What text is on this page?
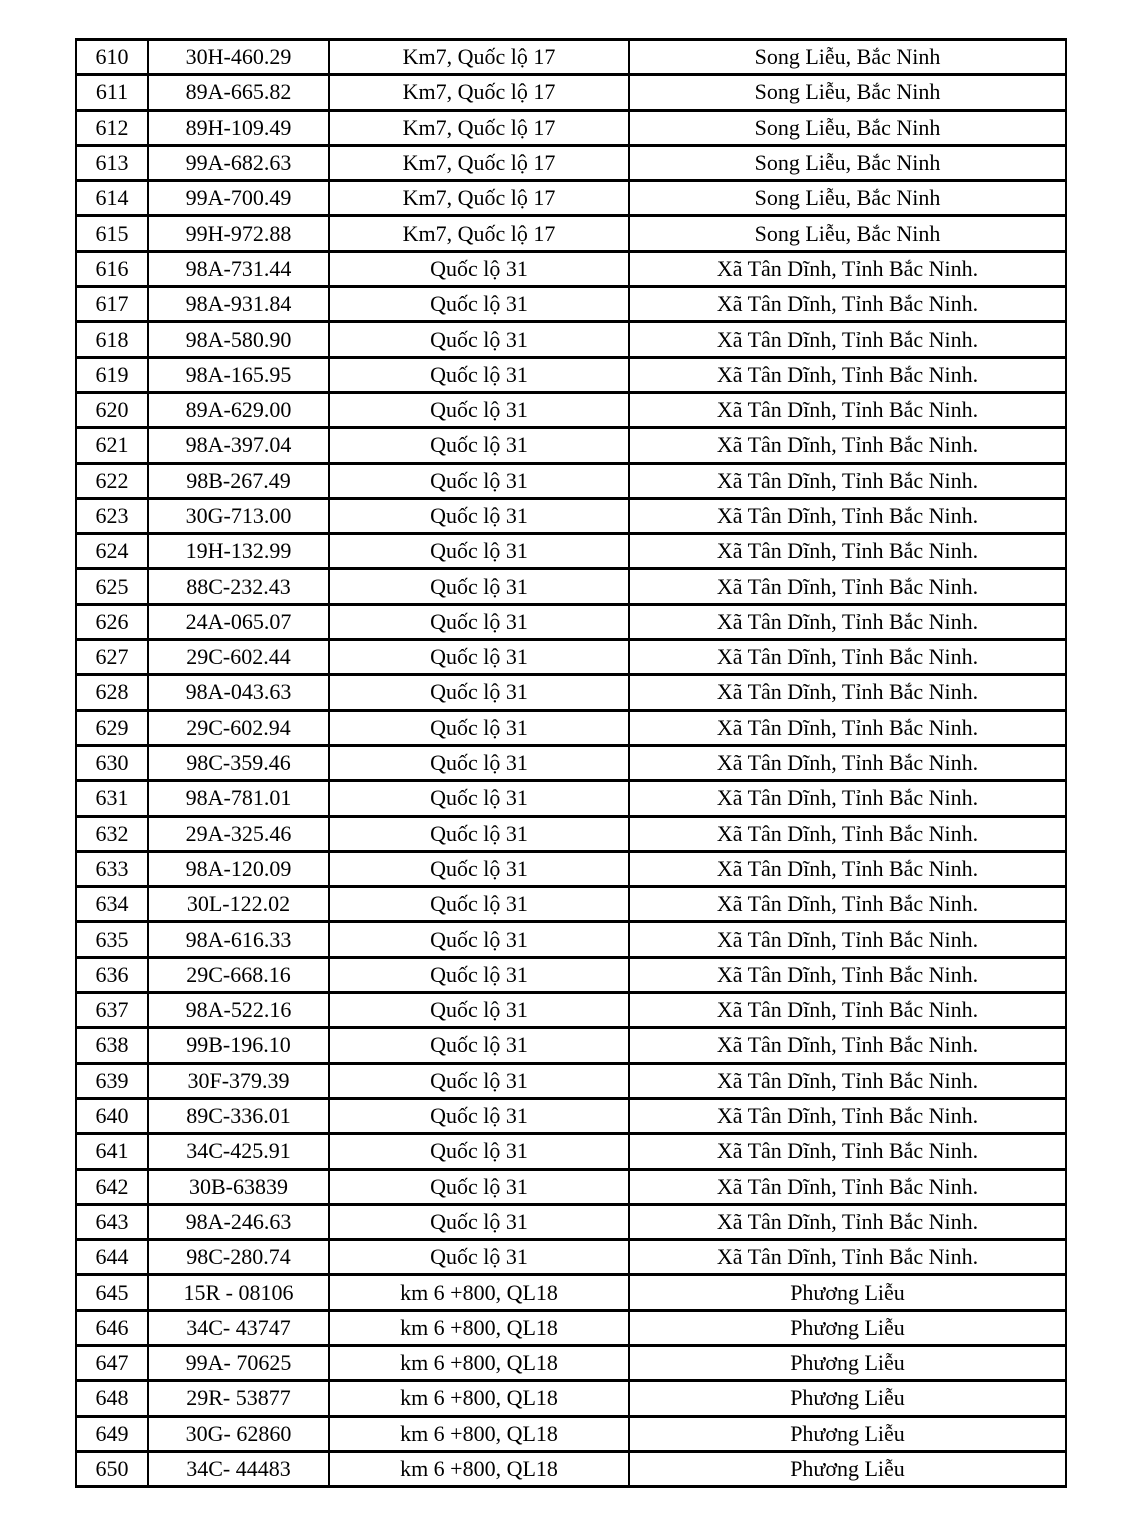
610	30H-460.29	Km7, Quốc lộ 17	Song Liễu, Bắc Ninh
611	89A-665.82	Km7, Quốc lộ 17	Song Liễu, Bắc Ninh
612	89H-109.49	Km7, Quốc lộ 17	Song Liễu, Bắc Ninh
613	99A-682.63	Km7, Quốc lộ 17	Song Liễu, Bắc Ninh
614	99A-700.49	Km7, Quốc lộ 17	Song Liễu, Bắc Ninh
615	99H-972.88	Km7, Quốc lộ 17	Song Liễu, Bắc Ninh
616	98A-731.44	Quốc lộ 31	Xã Tân Dĩnh, Tỉnh Bắc Ninh.
617	98A-931.84	Quốc lộ 31	Xã Tân Dĩnh, Tỉnh Bắc Ninh.
618	98A-580.90	Quốc lộ 31	Xã Tân Dĩnh, Tỉnh Bắc Ninh.
619	98A-165.95	Quốc lộ 31	Xã Tân Dĩnh, Tỉnh Bắc Ninh.
620	89A-629.00	Quốc lộ 31	Xã Tân Dĩnh, Tỉnh Bắc Ninh.
621	98A-397.04	Quốc lộ 31	Xã Tân Dĩnh, Tỉnh Bắc Ninh.
622	98B-267.49	Quốc lộ 31	Xã Tân Dĩnh, Tỉnh Bắc Ninh.
623	30G-713.00	Quốc lộ 31	Xã Tân Dĩnh, Tỉnh Bắc Ninh.
624	19H-132.99	Quốc lộ 31	Xã Tân Dĩnh, Tỉnh Bắc Ninh.
625	88C-232.43	Quốc lộ 31	Xã Tân Dĩnh, Tỉnh Bắc Ninh.
626	24A-065.07	Quốc lộ 31	Xã Tân Dĩnh, Tỉnh Bắc Ninh.
627	29C-602.44	Quốc lộ 31	Xã Tân Dĩnh, Tỉnh Bắc Ninh.
628	98A-043.63	Quốc lộ 31	Xã Tân Dĩnh, Tỉnh Bắc Ninh.
629	29C-602.94	Quốc lộ 31	Xã Tân Dĩnh, Tỉnh Bắc Ninh.
630	98C-359.46	Quốc lộ 31	Xã Tân Dĩnh, Tỉnh Bắc Ninh.
631	98A-781.01	Quốc lộ 31	Xã Tân Dĩnh, Tỉnh Bắc Ninh.
632	29A-325.46	Quốc lộ 31	Xã Tân Dĩnh, Tỉnh Bắc Ninh.
633	98A-120.09	Quốc lộ 31	Xã Tân Dĩnh, Tỉnh Bắc Ninh.
634	30L-122.02	Quốc lộ 31	Xã Tân Dĩnh, Tỉnh Bắc Ninh.
635	98A-616.33	Quốc lộ 31	Xã Tân Dĩnh, Tỉnh Bắc Ninh.
636	29C-668.16	Quốc lộ 31	Xã Tân Dĩnh, Tỉnh Bắc Ninh.
637	98A-522.16	Quốc lộ 31	Xã Tân Dĩnh, Tỉnh Bắc Ninh.
638	99B-196.10	Quốc lộ 31	Xã Tân Dĩnh, Tỉnh Bắc Ninh.
639	30F-379.39	Quốc lộ 31	Xã Tân Dĩnh, Tỉnh Bắc Ninh.
640	89C-336.01	Quốc lộ 31	Xã Tân Dĩnh, Tỉnh Bắc Ninh.
641	34C-425.91	Quốc lộ 31	Xã Tân Dĩnh, Tỉnh Bắc Ninh.
642	30B-63839	Quốc lộ 31	Xã Tân Dĩnh, Tỉnh Bắc Ninh.
643	98A-246.63	Quốc lộ 31	Xã Tân Dĩnh, Tỉnh Bắc Ninh.
644	98C-280.74	Quốc lộ 31	Xã Tân Dĩnh, Tỉnh Bắc Ninh.
645	15R - 08106	km 6 +800, QL18	Phương Liễu
646	34C- 43747	km 6 +800, QL18	Phương Liễu
647	99A- 70625	km 6 +800, QL18	Phương Liễu
648	29R- 53877	km 6 +800, QL18	Phương Liễu
649	30G- 62860	km 6 +800, QL18	Phương Liễu
650	34C- 44483	km 6 +800, QL18	Phương Liễu
